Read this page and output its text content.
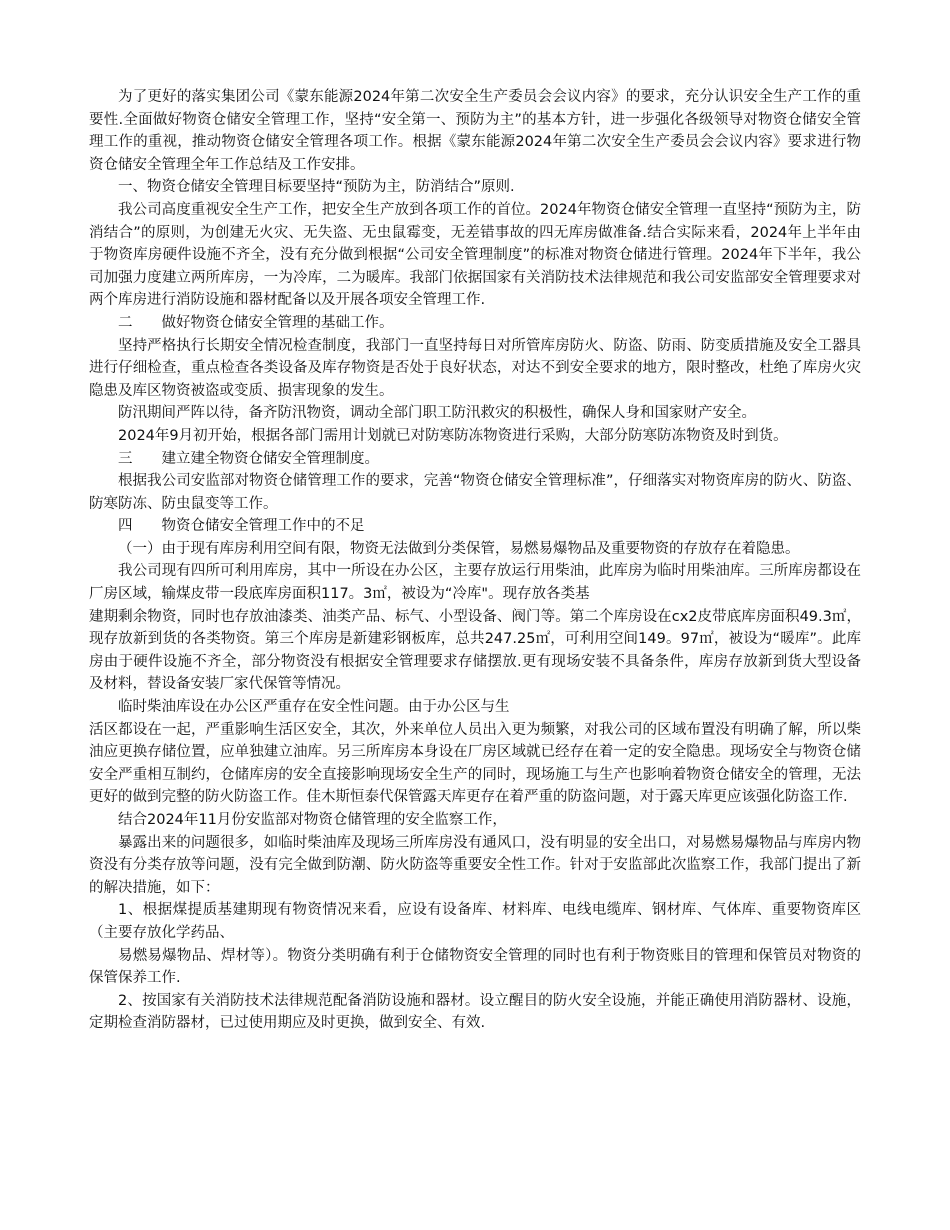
为了更好的落实集团公司《蒙东能源2024年第二次安全生产委员会会议内容》的要求，充分认识安全生产工作的重要性.全面做好物资仓储安全管理工作，坚持“安全第一、预防为主”的基本方针，进一步强化各级领导对物资仓储安全管理工作的重视，推动物资仓储安全管理各项工作。根据《蒙东能源2024年第二次安全生产委员会会议内容》要求进行物资仓储安全管理全年工作总结及工作安排。

一、物资仓储安全管理目标要坚持“预防为主，防消结合”原则.

我公司高度重视安全生产工作，把安全生产放到各项工作的首位。2024年物资仓储安全管理一直坚持“预防为主，防消结合”的原则，为创建无火灾、无失盗、无虫鼠霉变，无差错事故的四无库房做准备.结合实际来看，2024年上半年由于物资库房硬件设施不齐全，没有充分做到根据“公司安全管理制度”的标准对物资仓储进行管理。2024年下半年，我公司加强力度建立两所库房，一为冷库，二为暖库。我部门依据国家有关消防技术法律规范和我公司安监部安全管理要求对两个库房进行消防设施和器材配备以及开展各项安全管理工作.

二　　做好物资仓储安全管理的基础工作。

坚持严格执行长期安全情况检查制度，我部门一直坚持每日对所管库房防火、防盗、防雨、防变质措施及安全工器具进行仔细检查，重点检查各类设备及库存物资是否处于良好状态，对达不到安全要求的地方，限时整改，杜绝了库房火灾隐患及库区物资被盗或变质、损害现象的发生。

防汛期间严阵以待，备齐防汛物资，调动全部门职工防汛救灾的积极性，确保人身和国家财产安全。

2024年9月初开始，根据各部门需用计划就已对防寒防冻物资进行采购，大部分防寒防冻物资及时到货。

三　　建立建全物资仓储安全管理制度。

根据我公司安监部对物资仓储管理工作的要求，完善“物资仓储安全管理标准”，仔细落实对物资库房的防火、防盗、防寒防冻、防虫鼠变等工作。

四　　物资仓储安全管理工作中的不足

（一）由于现有库房利用空间有限，物资无法做到分类保管，易燃易爆物品及重要物资的存放存在着隐患。

我公司现有四所可利用库房，其中一所设在办公区，主要存放运行用柴油，此库房为临时用柴油库。三所库房都设在厂房区域，输煤皮带一段底库房面积117。3㎡，被设为“冷库"。现存放各类基

建期剩余物资，同时也存放油漆类、油类产品、标气、小型设备、阀门等。第二个库房设在cx2皮带底库房面积49.3㎡，现存放新到货的各类物资。第三个库房是新建彩钢板库，总共247.25㎡，可利用空间149。97㎡，被设为“暖库”。此库房由于硬件设施不齐全，部分物资没有根据安全管理要求存储摆放.更有现场安装不具备条件，库房存放新到货大型设备及材料，替设备安装厂家代保管等情况。

临时柴油库设在办公区严重存在安全性问题。由于办公区与生

活区都设在一起，严重影响生活区安全，其次，外来单位人员出入更为频繁，对我公司的区域布置没有明确了解，所以柴油应更换存储位置，应单独建立油库。另三所库房本身设在厂房区域就已经存在着一定的安全隐患。现场安全与物资仓储安全严重相互制约，仓储库房的安全直接影响现场安全生产的同时，现场施工与生产也影响着物资仓储安全的管理，无法更好的做到完整的防火防盗工作。佳木斯恒泰代保管露天库更存在着严重的防盗问题，对于露天库更应该强化防盗工作.

结合2024年11月份安监部对物资仓储管理的安全监察工作，

暴露出来的问题很多，如临时柴油库及现场三所库房没有通风口，没有明显的安全出口，对易燃易爆物品与库房内物资没有分类存放等问题，没有完全做到防潮、防火防盗等重要安全性工作。针对于安监部此次监察工作，我部门提出了新的解决措施，如下：

1、根据煤提质基建期现有物资情况来看，应设有设备库、材料库、电线电缆库、钢材库、气体库、重要物资库区（主要存放化学药品、

易燃易爆物品、焊材等）。物资分类明确有利于仓储物资安全管理的同时也有利于物资账目的管理和保管员对物资的保管保养工作.

2、按国家有关消防技术法律规范配备消防设施和器材。设立醒目的防火安全设施，并能正确使用消防器材、设施，定期检查消防器材，已过使用期应及时更换，做到安全、有效.
